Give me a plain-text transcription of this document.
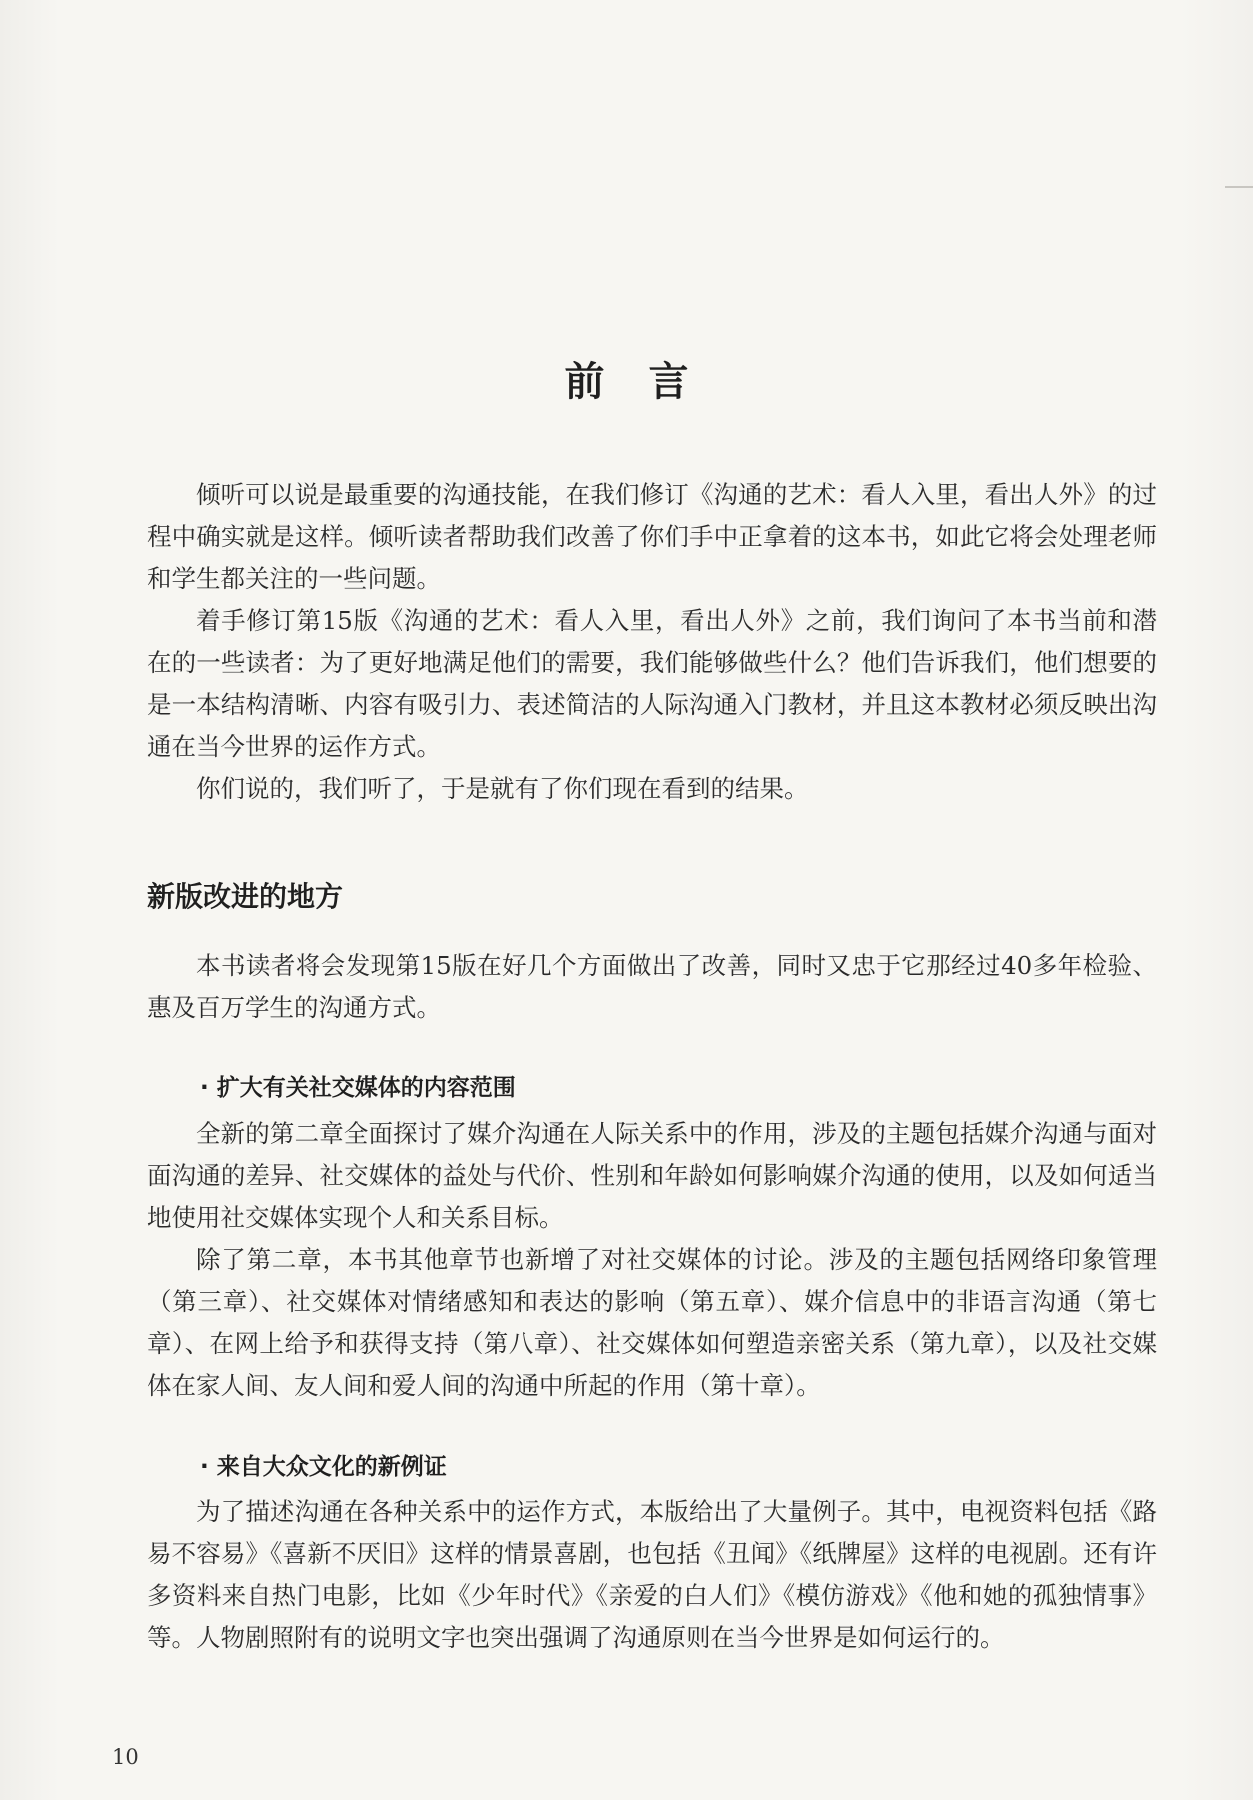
前言

倾听可以说是最重要的沟通技能，在我们修订《沟通的艺术：看人入里，看出人外》的过程中确实就是这样。倾听读者帮助我们改善了你们手中正拿着的这本书，如此它将会处理老师和学生都关注的一些问题。

着手修订第15版《沟通的艺术：看人入里，看出人外》之前，我们询问了本书当前和潜在的一些读者：为了更好地满足他们的需要，我们能够做些什么？他们告诉我们，他们想要的是一本结构清晰、内容有吸引力、表述简洁的人际沟通入门教材，并且这本教材必须反映出沟通在当今世界的运作方式。

你们说的，我们听了，于是就有了你们现在看到的结果。

新版改进的地方

本书读者将会发现第15版在好几个方面做出了改善，同时又忠于它那经过40多年检验、惠及百万学生的沟通方式。

· 扩大有关社交媒体的内容范围

全新的第二章全面探讨了媒介沟通在人际关系中的作用，涉及的主题包括媒介沟通与面对面沟通的差异、社交媒体的益处与代价、性别和年龄如何影响媒介沟通的使用，以及如何适当地使用社交媒体实现个人和关系目标。

除了第二章，本书其他章节也新增了对社交媒体的讨论。涉及的主题包括网络印象管理（第三章）、社交媒体对情绪感知和表达的影响（第五章）、媒介信息中的非语言沟通（第七章）、在网上给予和获得支持（第八章）、社交媒体如何塑造亲密关系（第九章），以及社交媒体在家人间、友人间和爱人间的沟通中所起的作用（第十章）。

· 来自大众文化的新例证

为了描述沟通在各种关系中的运作方式，本版给出了大量例子。其中，电视资料包括《路易不容易》《喜新不厌旧》这样的情景喜剧，也包括《丑闻》《纸牌屋》这样的电视剧。还有许多资料来自热门电影，比如《少年时代》《亲爱的白人们》《模仿游戏》《他和她的孤独情事》等。人物剧照附有的说明文字也突出强调了沟通原则在当今世界是如何运行的。

10
